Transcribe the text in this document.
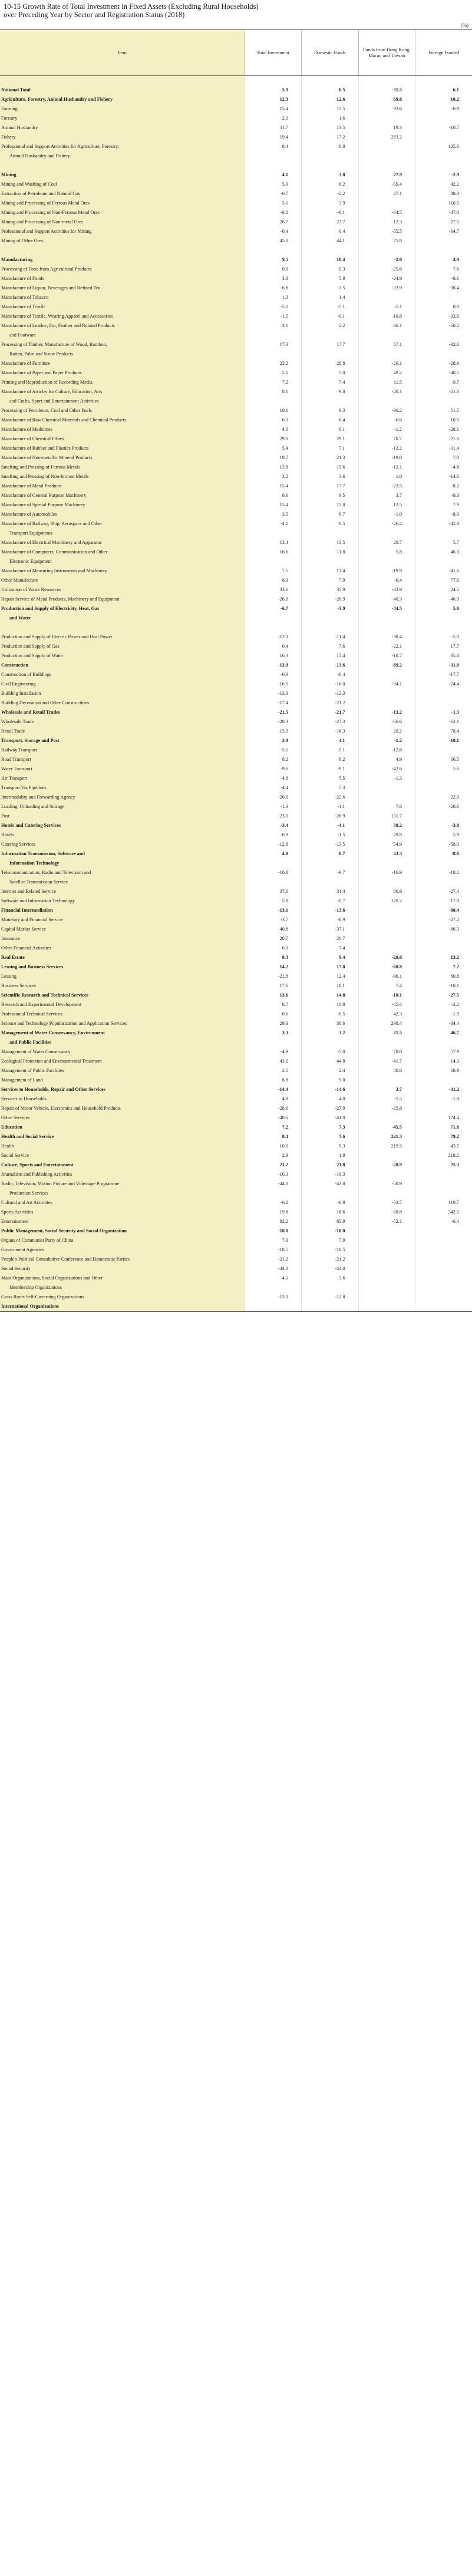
10-15 Growth Rate of Total Investment in Fixed Assets (Excluding Rural Households)
over Preceding Year by Sector and Registration Status (2018)
(%)
Item	Total Investment	Domestic Funds	Funds from Hong Kong, Macao and Taiwan	Foreign Funded

National Total	5.9	6.5	-11.5	6.1
Agriculture, Forestry, Animal Husbandry and Fishery	12.3	12.6	69.8	10.2
Farming	15.4	15.5	93.6	-0.9
Forestry	2.0	1.6		
Animal Husbandry	11.7	13.5	19.3	-10.7
Fishery	19.4	17.2	283.2	
Professional and Support Activities for Agriculture, Forestry,	8.4	8.8		125.6
Animal Husbandry and Fishery				

Mining	4.1	3.8	27.9	-2.9
Mining and Washing of Coal	5.9	6.2	-59.4	42.2
Extraction of Petroleum and Natural Gas	-0.7	-2.2	47.1	38.3
Mining and Processing of Ferrous Metal Ores	5.1	3.9		110.5
Mining and Processing of Non-Ferrous Metal Ores	-8.0	-6.1	-64.5	-47.0
Mining and Processing of Non-metal Ores	26.7	27.7	12.3	27.5
Professional and Support Activities for Mining	-0.4	0.4	-55.5	-64.7
Mining of Other Ores	45.0	44.1	75.8	

Manufacturing	9.5	10.4	-2.0	4.9
Processing of Food from Agricultural Products	0.0	0.3	-25.6	7.6
Manufacture of Foods	3.8	5.9	-24.9	-8.1
Manufacture of Liquor, Beverages and Refined Tea	-6.8	-3.5	-33.9	-38.4
Manufacture of Tobacco	1.3	1.4		
Manufacture of Textile	-5.1	-5.1	-5.1	0.0
Manufacture of Textile, Wearing Apparel and Accessories	-1.5	-0.1	-10.8	-33.6
Manufacture of Leather, Fur, Feather and Related Products	3.1	2.2	66.1	-50.2
and Footware				
Processing of Timber, Manufacture of Wood, Bamboo,	17.3	17.7	57.1	-32.6
Rattan, Palm and Straw Products				
Manufacture of Furniture	23.2	26.8	-26.1	-28.9
Manufacture of Paper and Paper Products	5.1	5.0	49.2	-40.5
Printing and Reproduction of Recording Media	7.2	7.4	11.5	-9.7
Manufacture of Articles for Culture, Education, Arts	8.1	9.8	-20.1	-21.0
and Crafts, Sport and Entertainment Activities				
Processing of Petroleum, Coal and Other Fuels	10.1	9.3	-36.2	51.5
Manufacture of Raw Chemical Materials and Chemical Products	6.0	6.4	-6.6	10.5
Manufacture of Medicines	4.0	6.1	-1.2	-28.1
Manufacture of Chemical Fibres	29.0	29.1	70.7	-21.6
Manufacture of Rubber and Plastics Products	5.4	7.1	-13.2	-11.4
Manufacture of Non-metallic Mineral Products	19.7	21.3	-19.0	7.0
Smelting and Pressing of Ferrous Metals	13.8	15.6	-13.1	-4.8
Smelting and Pressing of Non-ferrous Metals	3.2	3.6	1.0	-14.6
Manufacture of Metal Products	15.4	17.7	-23.5	-8.2
Manufacture of General Purpose Machinery	8.6	9.5	3.7	-9.3
Manufacture of Special Purpose Machinery	15.4	15.8	12.5	7.9
Manufacture of Automobiles	3.5	6.7	-1.0	-8.9
Manufacture of Railway, Ship, Aerospace and Other	-4.1	0.5	-26.4	-45.8
Transport Equipments				
Manufacture of Electrical Machinery and Apparatus	13.4	13.5	20.7	5.7
Manufacture of Computers, Communication and Other	16.6	11.8	5.8	46.3
Electronic Equipment				
Manufacture of Measuring Instruments and Machinery	7.5	13.4	-19.9	-41.6
Other Manufacture	8.3	7.9	-6.4	77.6
Utilization of Waste Resources	33.6	35.9	-43.9	24.5
Repair Service of Metal Products, Machinery and Equipment	-26.9	-26.9	40.3	-46.9
Production and Supply of Electricity, Heat, Gas	-6.7	-5.9	-34.5	5.0
and Water				

Production and Supply of Electric Power and Heat Power	-12.3	-11.4	-38.4	-5.0
Production and Supply of Gas	6.4	7.6	-22.1	17.7
Production and Supply of Water	16.3	15.4	-10.7	35.8
Construction	-13.9	-13.6	-89.2	-11.0
Construction of Buildings	-0.3	-0.4		-17.7
Civil Engineering	-16.5	-16.0	-94.1	-74.4
Building Installation	-13.3	-12.3		
Building Decoration and Other Constructions	-17.4	-21.2		
Wholesale and Retail Trades	-21.5	-21.7	-13.2	-1.3
Wholesale Trade	-28.3	-27.3	-56.6	-62.1
Retail Trade	-15.0	-16.3	20.2	78.4
Transport, Storage and Post	3.9	4.1	-1.2	-10.1
Railway Transport	-5.1	-5.1	-12.8	
Road Transport	8.2	8.2	4.9	66.5
Water Transport	-9.6	-9.1	-42.6	5.6
Air Transport	4.8	5.5	-1.3	
Transport Via Pipelines	-4.4	5.3		
Intermodality and Forwarding Agency	-20.0	-22.6		-22.9
Loading, Unloading and Storage	-1.3	-1.1	7.6	-20.6
Post	-23.0	-26.9	131.7	
Hotels and Catering Services	-3.4	-4.1	30.2	-3.9
Hotels	-0.9	-1.5	29.8	5.9
Catering Services	-12.8	-13.5	54.9	-58.0
Information Transmission, Software and	4.0	0.7	43.3	-8.6
Information Technology				
Telecommunication, Radio and Television and	-10.8	-9.7	-16.9	-18.2
Satellite Transmission Service				
Internet and Related Service	37.6	31.4	86.9	-27.4
Software and Information Technology	5.8	-0.7	120.2	17.0
Financial Intermediation	-13.1	-13.6		-80.4
Monetary and Financial Service	-3.7	-8.9		-27.2
Capital Market Service	-40.8	-37.1		-86.3
Insurance	20.7	20.7		
Other Financial Activities	6.0	7.4		
Real Estate	8.3	9.4	-20.8	13.2
Leasing and Business Services	14.2	17.8	-60.8	7.2
Leasing	-21.8	12.4	-96.1	60.8
Business Services	17.6	18.1	7.4	-10.1
Scientific Research and Technical Services	13.6	14.8	-10.1	-27.5
Research and Experimental Development	8.7	10.9	-45.4	-2.2
Professional Technical Services	-0.6	-0.5	42.3	-1.9
Science and Technology Popularization and Application Services	29.3	30.6	298.4	-84.4
Management of Water Conservancy, Environment	3.3	3.2	21.5	46.7
and Public Facilities				
Management of Water Conservancy	-4.9	-5.0	78.0	57.9
Ecological Protection and Environmental Treatment	43.0	44.8	-41.7	14.3
Management of Public Facilities	2.5	2.4	40.6	68.9
Management of Land	8.8	9.0		
Services to Households, Repair and Other Services	-14.4	-14.6	3.7	-11.2
Services to Households	4.8	4.0	-5.5	-1.8
Repair of Motor Vehicle, Electronics and Household Products	-28.6	-27.0	-25.8	
Other Services	-40.6	-41.0		174.4
Education	7.2	7.3	-45.5	71.8
Health and Social Service	8.4	7.6	221.3	79.2
Health	10.0	9.3	219.5	43.7
Social Service	2.9	1.9		218.2
Culture, Sports and Entertainment	21.2	21.8	-28.9	25.3
Journalism and Publishing Activities	-10.3	-10.3		
Radio, Television, Motion Picture and Videotape Programme	-44.0	-43.8	-50.9	
Production Services				
Cultural and Art Activities	-6.2	-6.9	-53.7	119.7
Sports Activities	19.8	18.6	68.8	342.5
Entertainment	82.2	85.9	-52.1	-6.4
Public Management, Social Security and Social Organization	-18.0	-18.0		
Organs of Communist Party of China	7.9	7.9		
Government Agencies	-18.5	-18.5		
People's Political Consultative Conference and Democratic Parties	-21.2	-21.2		
Social Security	-44.0	-44.0		
Mass Organizations, Social Organizations and Other	-4.1	-3.6		
Membership Organizations				
Grass Roots Self-Governing Organizations	-13.0	-12.8		
International Organizations				
